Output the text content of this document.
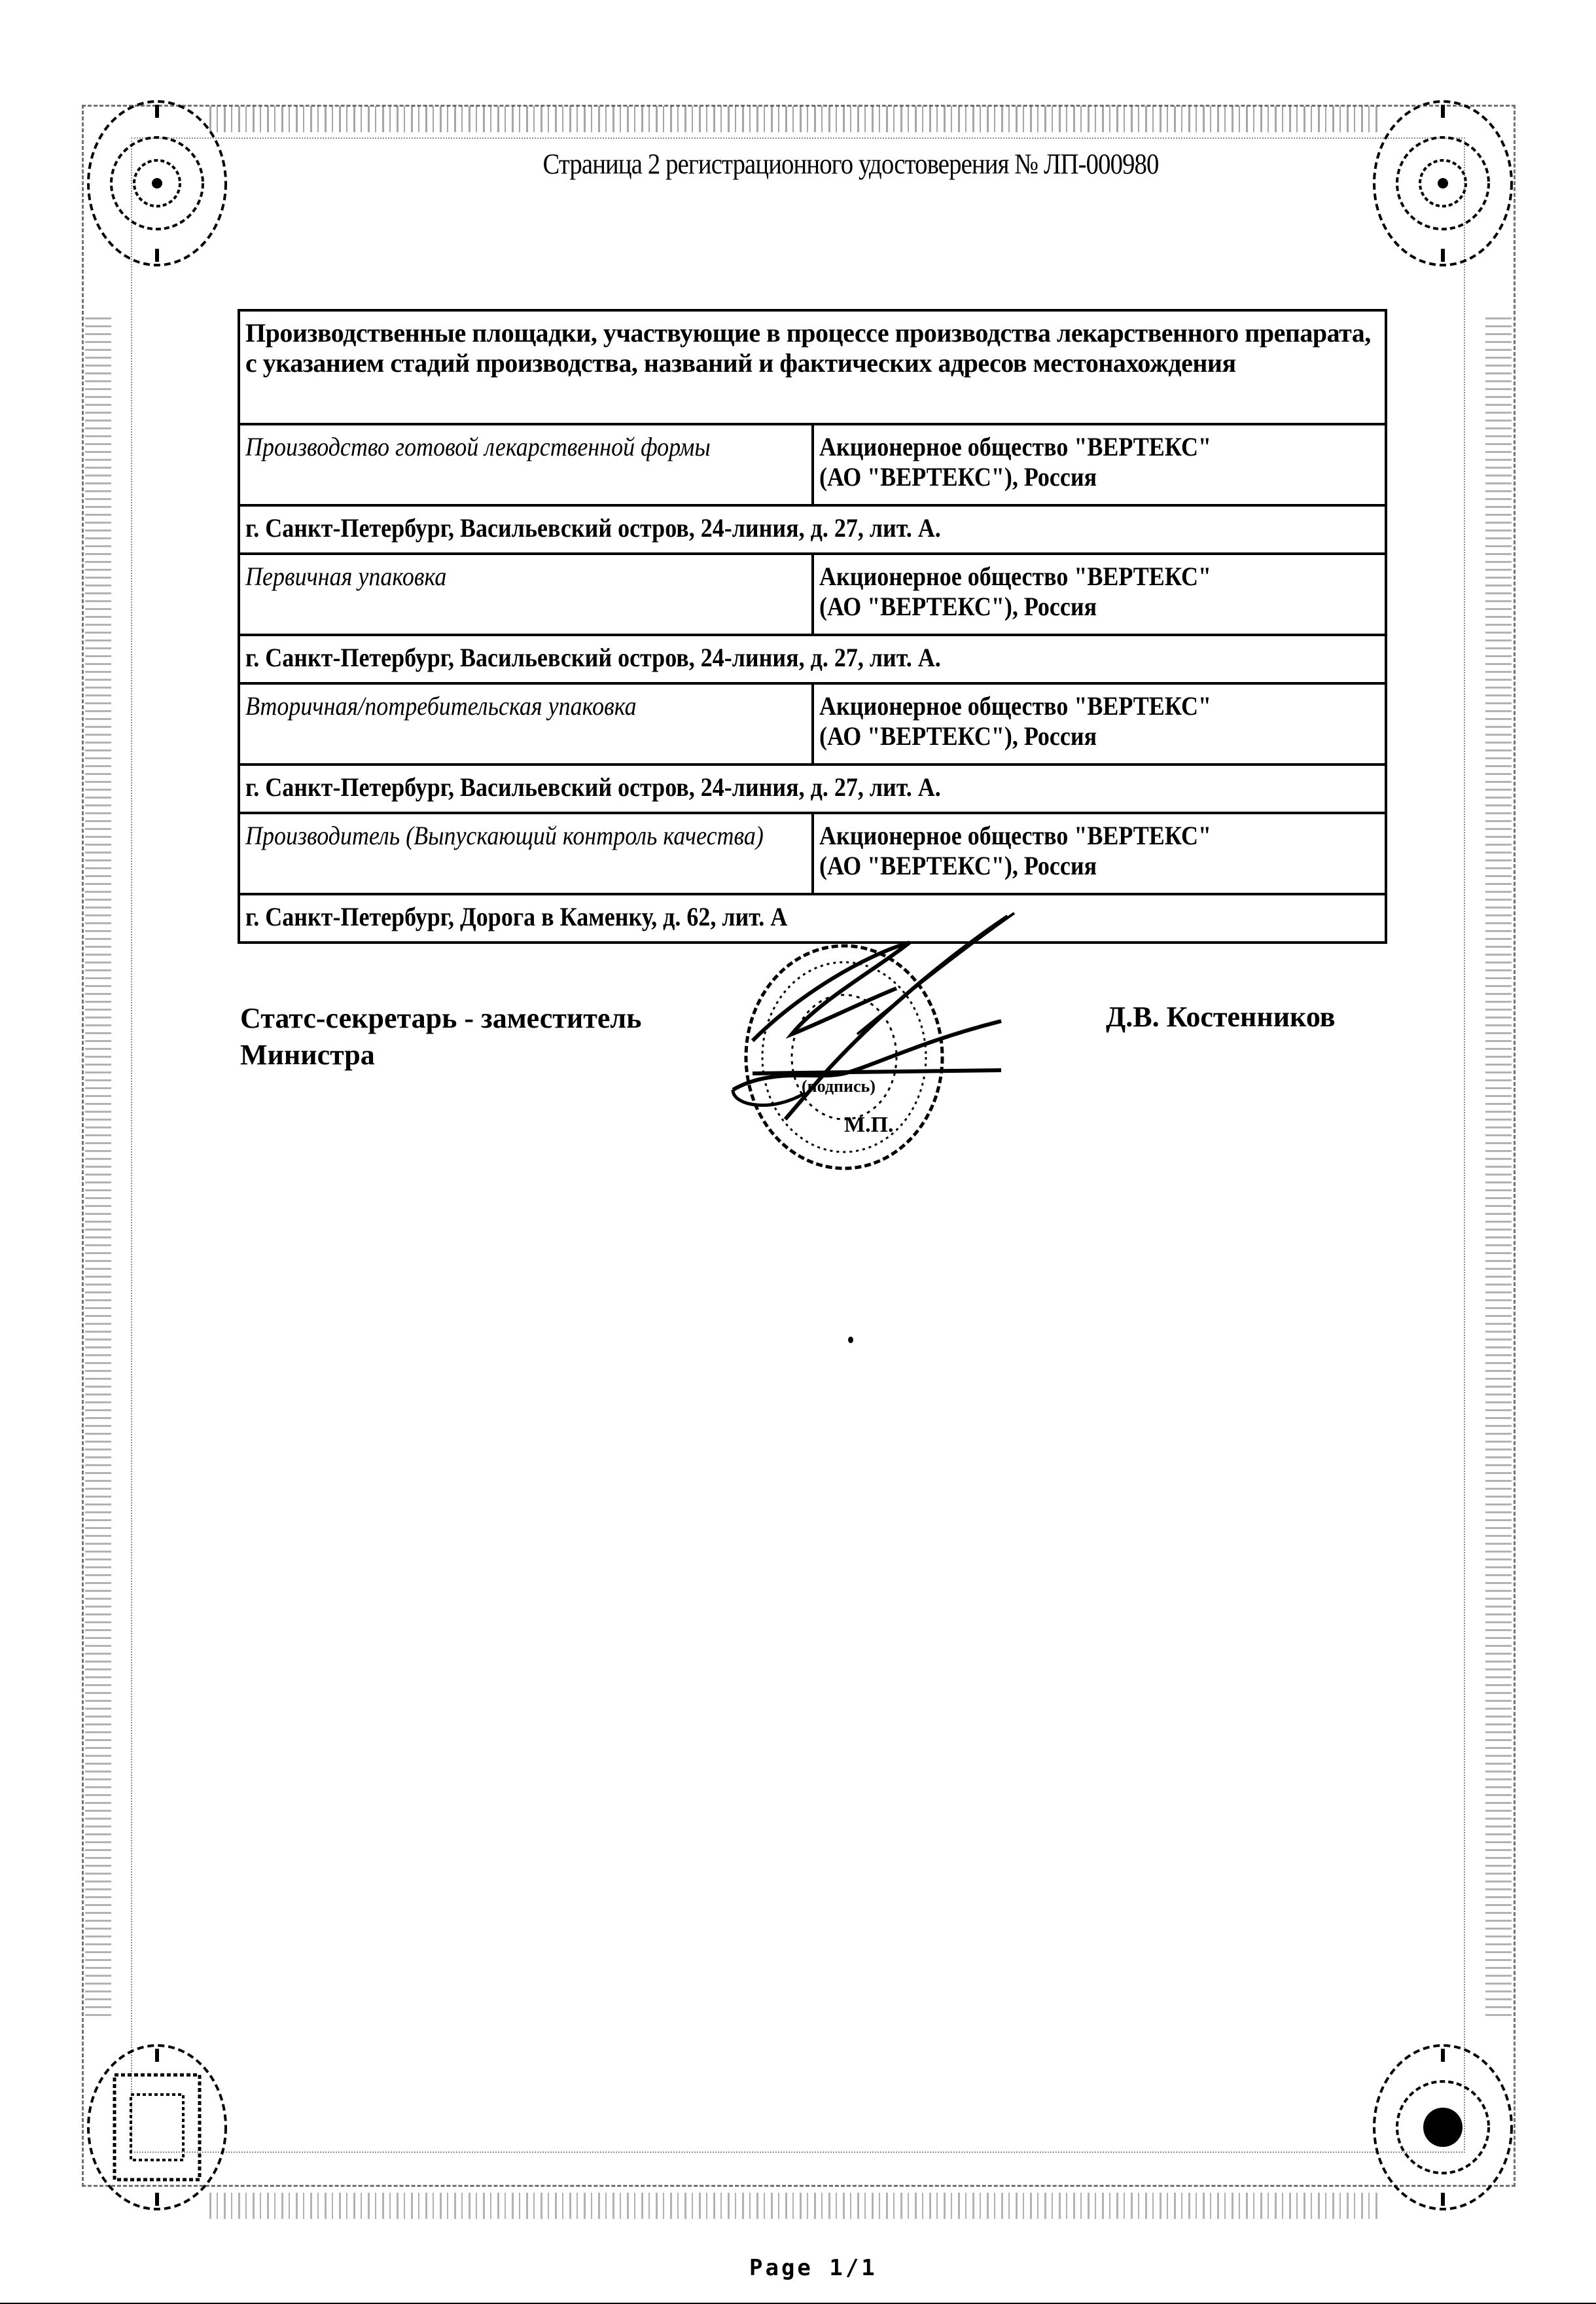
Страница 2 регистрационного удостоверения № ЛП-000980
Производственные площадки, участвующие в процессе производства лекарственного препарата, с указанием стадий производства, названий и фактических адресов местонахождения	
Производство готовой лекарственной формы	Акционерное общество "ВЕРТЕКС"
(АО "ВЕРТЕКС"), Россия
г. Санкт-Петербург, Васильевский остров, 24-линия, д. 27, лит. А.	
Первичная упаковка	Акционерное общество "ВЕРТЕКС"
(АО "ВЕРТЕКС"), Россия
г. Санкт-Петербург, Васильевский остров, 24-линия, д. 27, лит. А.	
Вторичная/потребительская упаковка	Акционерное общество "ВЕРТЕКС"
(АО "ВЕРТЕКС"), Россия
г. Санкт-Петербург, Васильевский остров, 24-линия, д. 27, лит. А.	
Производитель (Выпускающий контроль качества)	Акционерное общество "ВЕРТЕКС"
(АО "ВЕРТЕКС"), Россия
г. Санкт-Петербург, Дорога в Каменку, д. 62, лит. А	
Статс-секретарь - заместитель
Министра
(подпись)
М.П.
Д.В. Костенников
Page 1/1
